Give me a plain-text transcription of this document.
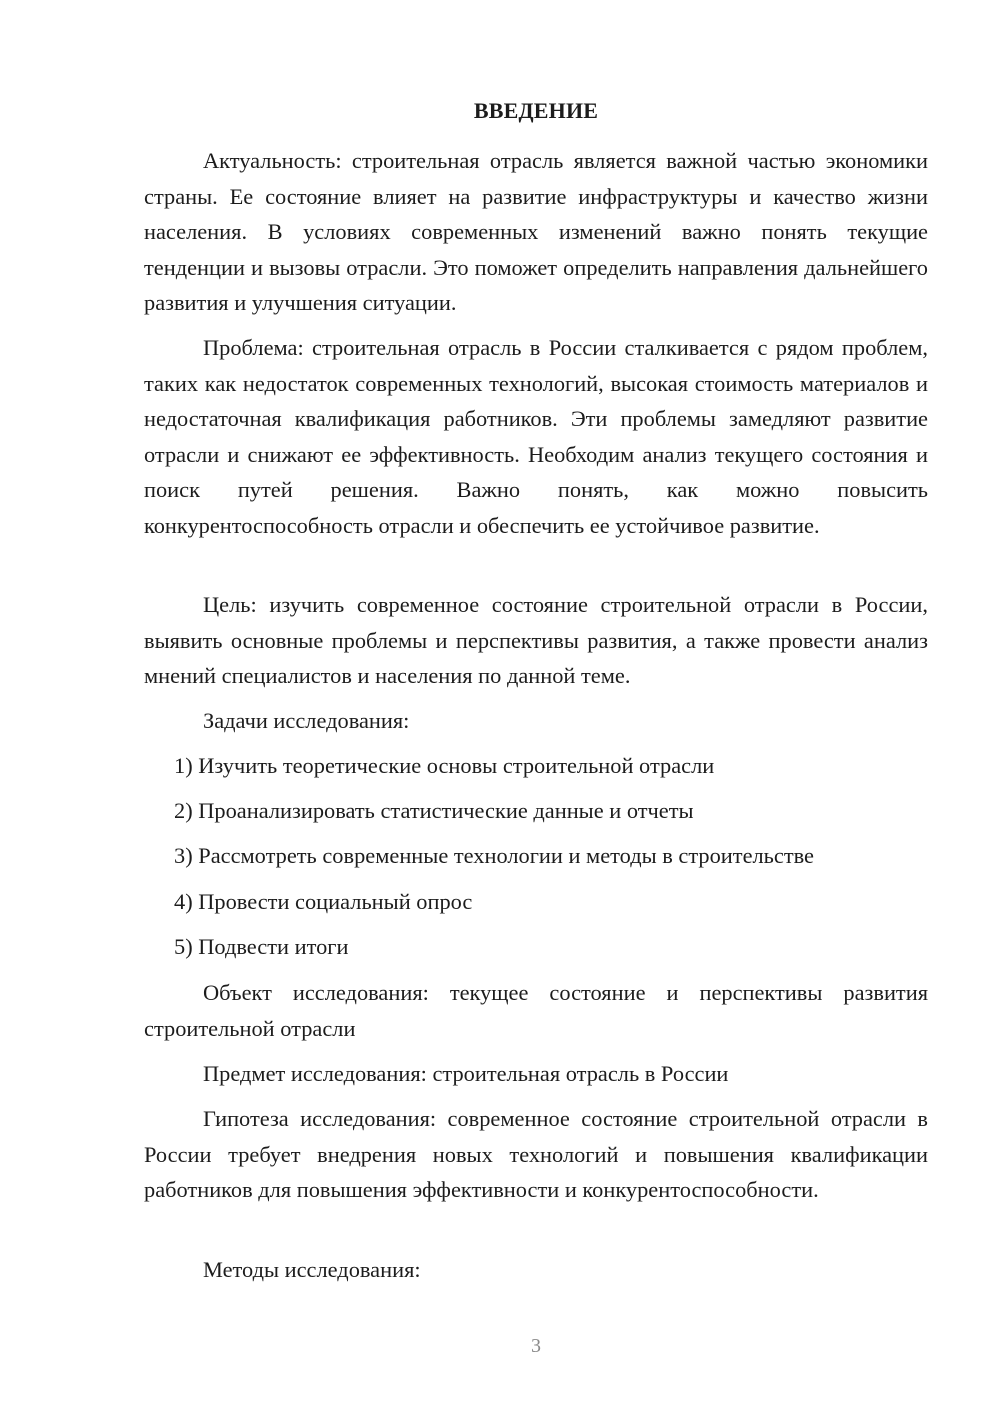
ВВЕДЕНИЕ

Актуальность: строительная отрасль является важной частью экономики страны. Ее состояние влияет на развитие инфраструктуры и качество жизни населения. В условиях современных изменений важно понять текущие тенденции и вызовы отрасли. Это поможет определить направления дальнейшего развития и улучшения ситуации.

Проблема: строительная отрасль в России сталкивается с рядом проблем, таких как недостаток современных технологий, высокая стоимость материалов и недостаточная квалификация работников. Эти проблемы замедляют развитие отрасли и снижают ее эффективность. Необходим анализ текущего состояния и поиск путей решения. Важно понять, как можно повысить конкурентоспособность отрасли и обеспечить ее устойчивое развитие.

Цель: изучить современное состояние строительной отрасли в России, выявить основные проблемы и перспективы развития, а также провести анализ мнений специалистов и населения по данной теме.

Задачи исследования:

1) Изучить теоретические основы строительной отрасли

2) Проанализировать статистические данные и отчеты

3) Рассмотреть современные технологии и методы в строительстве

4) Провести социальный опрос

5) Подвести итоги

Объект исследования: текущее состояние и перспективы развития строительной отрасли

Предмет исследования: строительная отрасль в России

Гипотеза исследования: современное состояние строительной отрасли в России требует внедрения новых технологий и повышения квалификации работников для повышения эффективности и конкурентоспособности.

Методы исследования:

3
